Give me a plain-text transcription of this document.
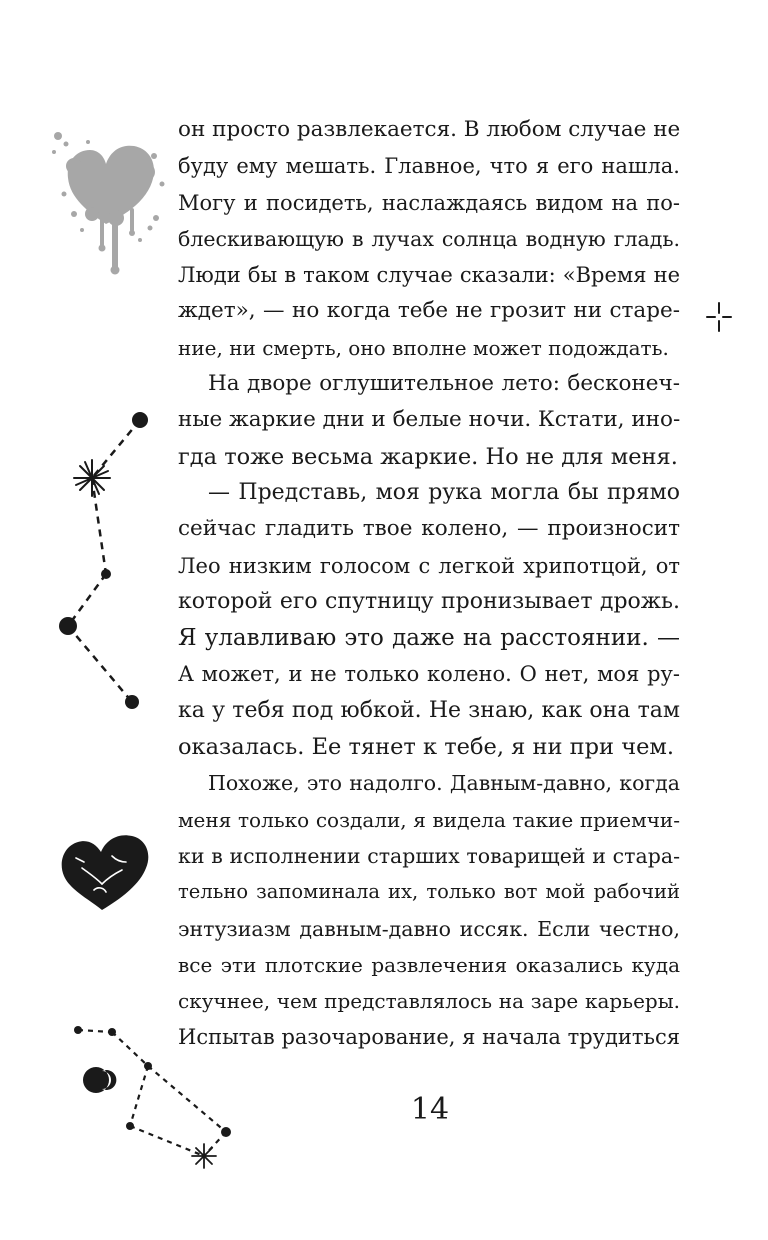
он просто развлекается. В любом случае не
буду ему мешать. Главное, что я его нашла.
Могу и посидеть, наслаждаясь видом на по-
блескивающую в лучах солнца водную гладь.
Люди бы в таком случае сказали: «Время не
ждет», — но когда тебе не грозит ни старе-
ние, ни смерть, оно вполне может подождать.
На дворе оглушительное лето: бесконеч-
ные жаркие дни и белые ночи. Кстати, ино-
гда тоже весьма жаркие. Но не для меня.
— Представь, моя рука могла бы прямо
сейчас гладить твое колено, — произносит
Лео низким голосом с легкой хрипотцой, от
которой его спутницу пронизывает дрожь.
Я улавливаю это даже на расстоянии. —
А может, и не только колено. О нет, моя ру-
ка у тебя под юбкой. Не знаю, как она там
оказалась. Ее тянет к тебе, я ни при чем.
Похоже, это надолго. Давным-давно, когда
меня только создали, я видела такие приемчи-
ки в исполнении старших товарищей и стара-
тельно запоминала их, только вот мой рабочий
энтузиазм давным-давно иссяк. Если честно,
все эти плотские развлечения оказались куда
скучнее, чем представлялось на заре карьеры.
Испытав разочарование, я начала трудиться
14
